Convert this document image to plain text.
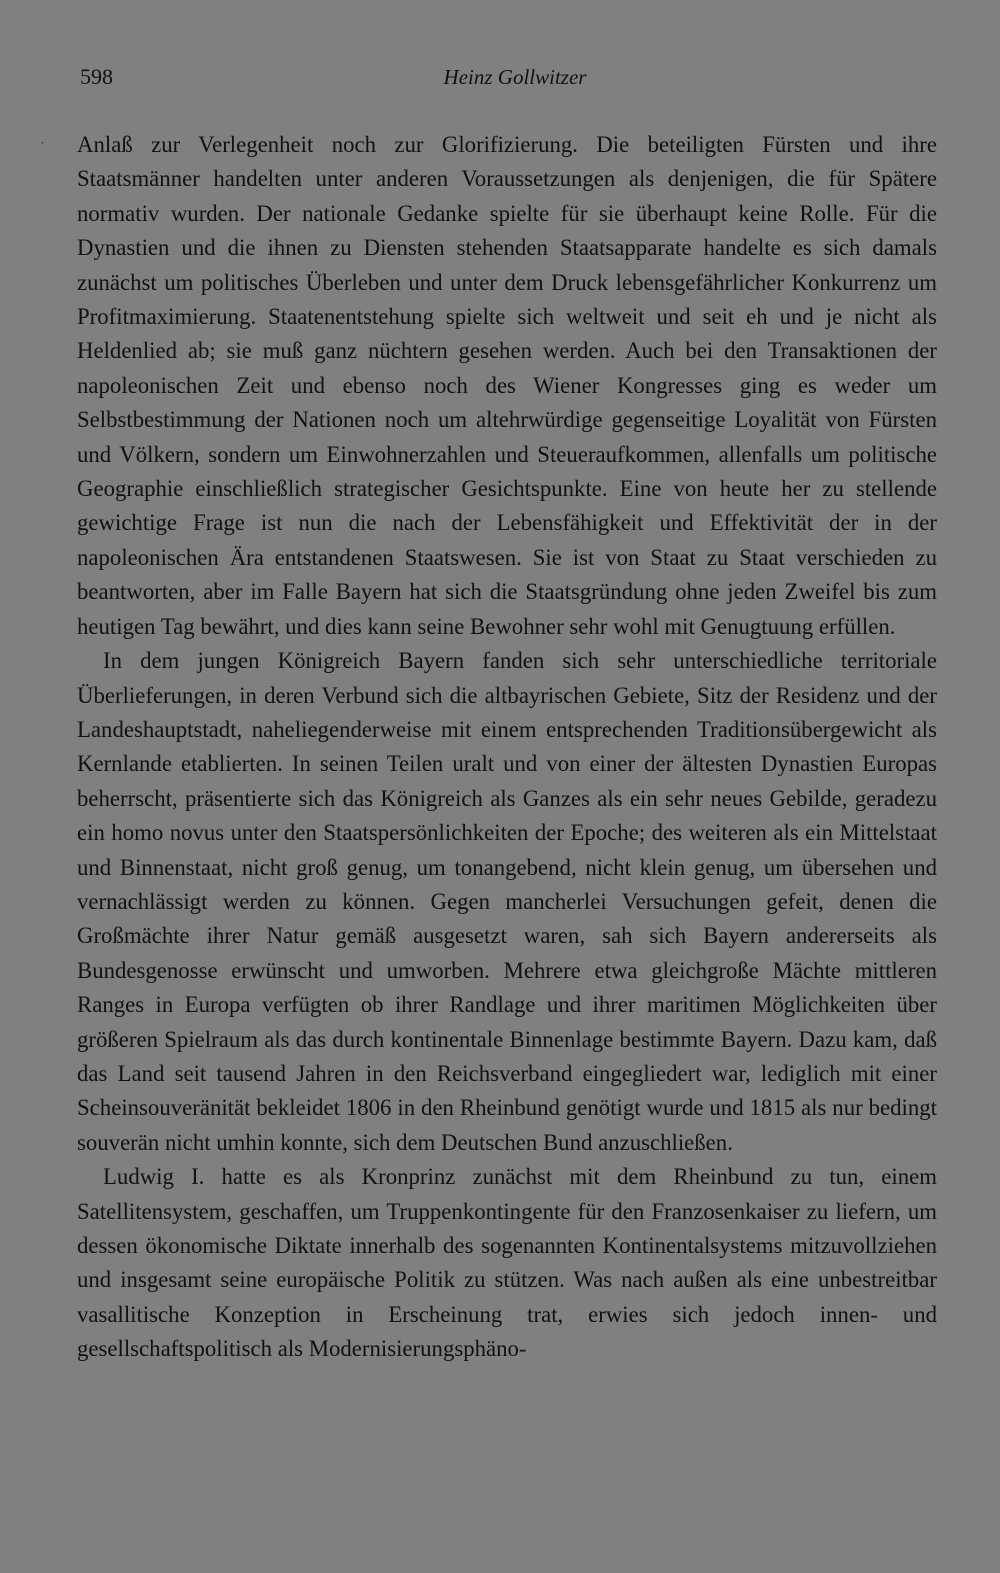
598	Heinz Gollwitzer
˙ Anlaß zur Verlegenheit noch zur Glorifizierung. Die beteiligten Fürsten und ihre Staatsmänner handelten unter anderen Voraussetzungen als denjenigen, die für Spätere normativ wurden. Der nationale Gedanke spielte für sie überhaupt keine Rolle. Für die Dynastien und die ihnen zu Diensten stehenden Staatsapparate handelte es sich damals zunächst um politisches Überleben und unter dem Druck lebensgefährlicher Konkurrenz um Profitmaximierung. Staatenentstehung spielte sich weltweit und seit eh und je nicht als Heldenlied ab; sie muß ganz nüchtern gesehen werden. Auch bei den Transaktionen der napoleonischen Zeit und ebenso noch des Wiener Kongresses ging es weder um Selbstbestimmung der Nationen noch um altehrwürdige gegenseitige Loyalität von Fürsten und Völkern, sondern um Einwohnerzahlen und Steueraufkommen, allenfalls um politische Geographie einschließlich strategischer Gesichtspunkte. Eine von heute her zu stellende gewichtige Frage ist nun die nach der Lebensfähigkeit und Effektivität der in der napoleonischen Ära entstandenen Staatswesen. Sie ist von Staat zu Staat verschieden zu beantworten, aber im Falle Bayern hat sich die Staatsgründung ohne jeden Zweifel bis zum heutigen Tag bewährt, und dies kann seine Bewohner sehr wohl mit Genugtuung erfüllen.

In dem jungen Königreich Bayern fanden sich sehr unterschiedliche territoriale Überlieferungen, in deren Verbund sich die altbayrischen Gebiete, Sitz der Residenz und der Landeshauptstadt, naheliegenderweise mit einem entsprechenden Traditionsübergewicht als Kernlande etablierten. In seinen Teilen uralt und von einer der ältesten Dynastien Europas beherrscht, präsentierte sich das Königreich als Ganzes als ein sehr neues Gebilde, geradezu ein homo novus unter den Staatspersönlichkeiten der Epoche; des weiteren als ein Mittelstaat und Binnenstaat, nicht groß genug, um tonangebend, nicht klein genug, um übersehen und vernachlässigt werden zu können. Gegen mancherlei Versuchungen gefeit, denen die Großmächte ihrer Natur gemäß ausgesetzt waren, sah sich Bayern andererseits als Bundesgenosse erwünscht und umworben. Mehrere etwa gleichgroße Mächte mittleren Ranges in Europa verfügten ob ihrer Randlage und ihrer maritimen Möglichkeiten über größeren Spielraum als das durch kontinentale Binnenlage bestimmte Bayern. Dazu kam, daß das Land seit tausend Jahren in den Reichsverband eingegliedert war, lediglich mit einer Scheinsouveränität bekleidet 1806 in den Rheinbund genötigt wurde und 1815 als nur bedingt souverän nicht umhin konnte, sich dem Deutschen Bund anzuschließen.

Ludwig I. hatte es als Kronprinz zunächst mit dem Rheinbund zu tun, einem Satellitensystem, geschaffen, um Truppenkontingente für den Franzosenkaiser zu liefern, um dessen ökonomische Diktate innerhalb des sogenannten Kontinentalsystems mitzuvollziehen und insgesamt seine europäische Politik zu stützen. Was nach außen als eine unbestreitbar vasallitische Konzeption in Erscheinung trat, erwies sich jedoch innen- und gesellschaftspolitisch als Modernisierungsphäno-
